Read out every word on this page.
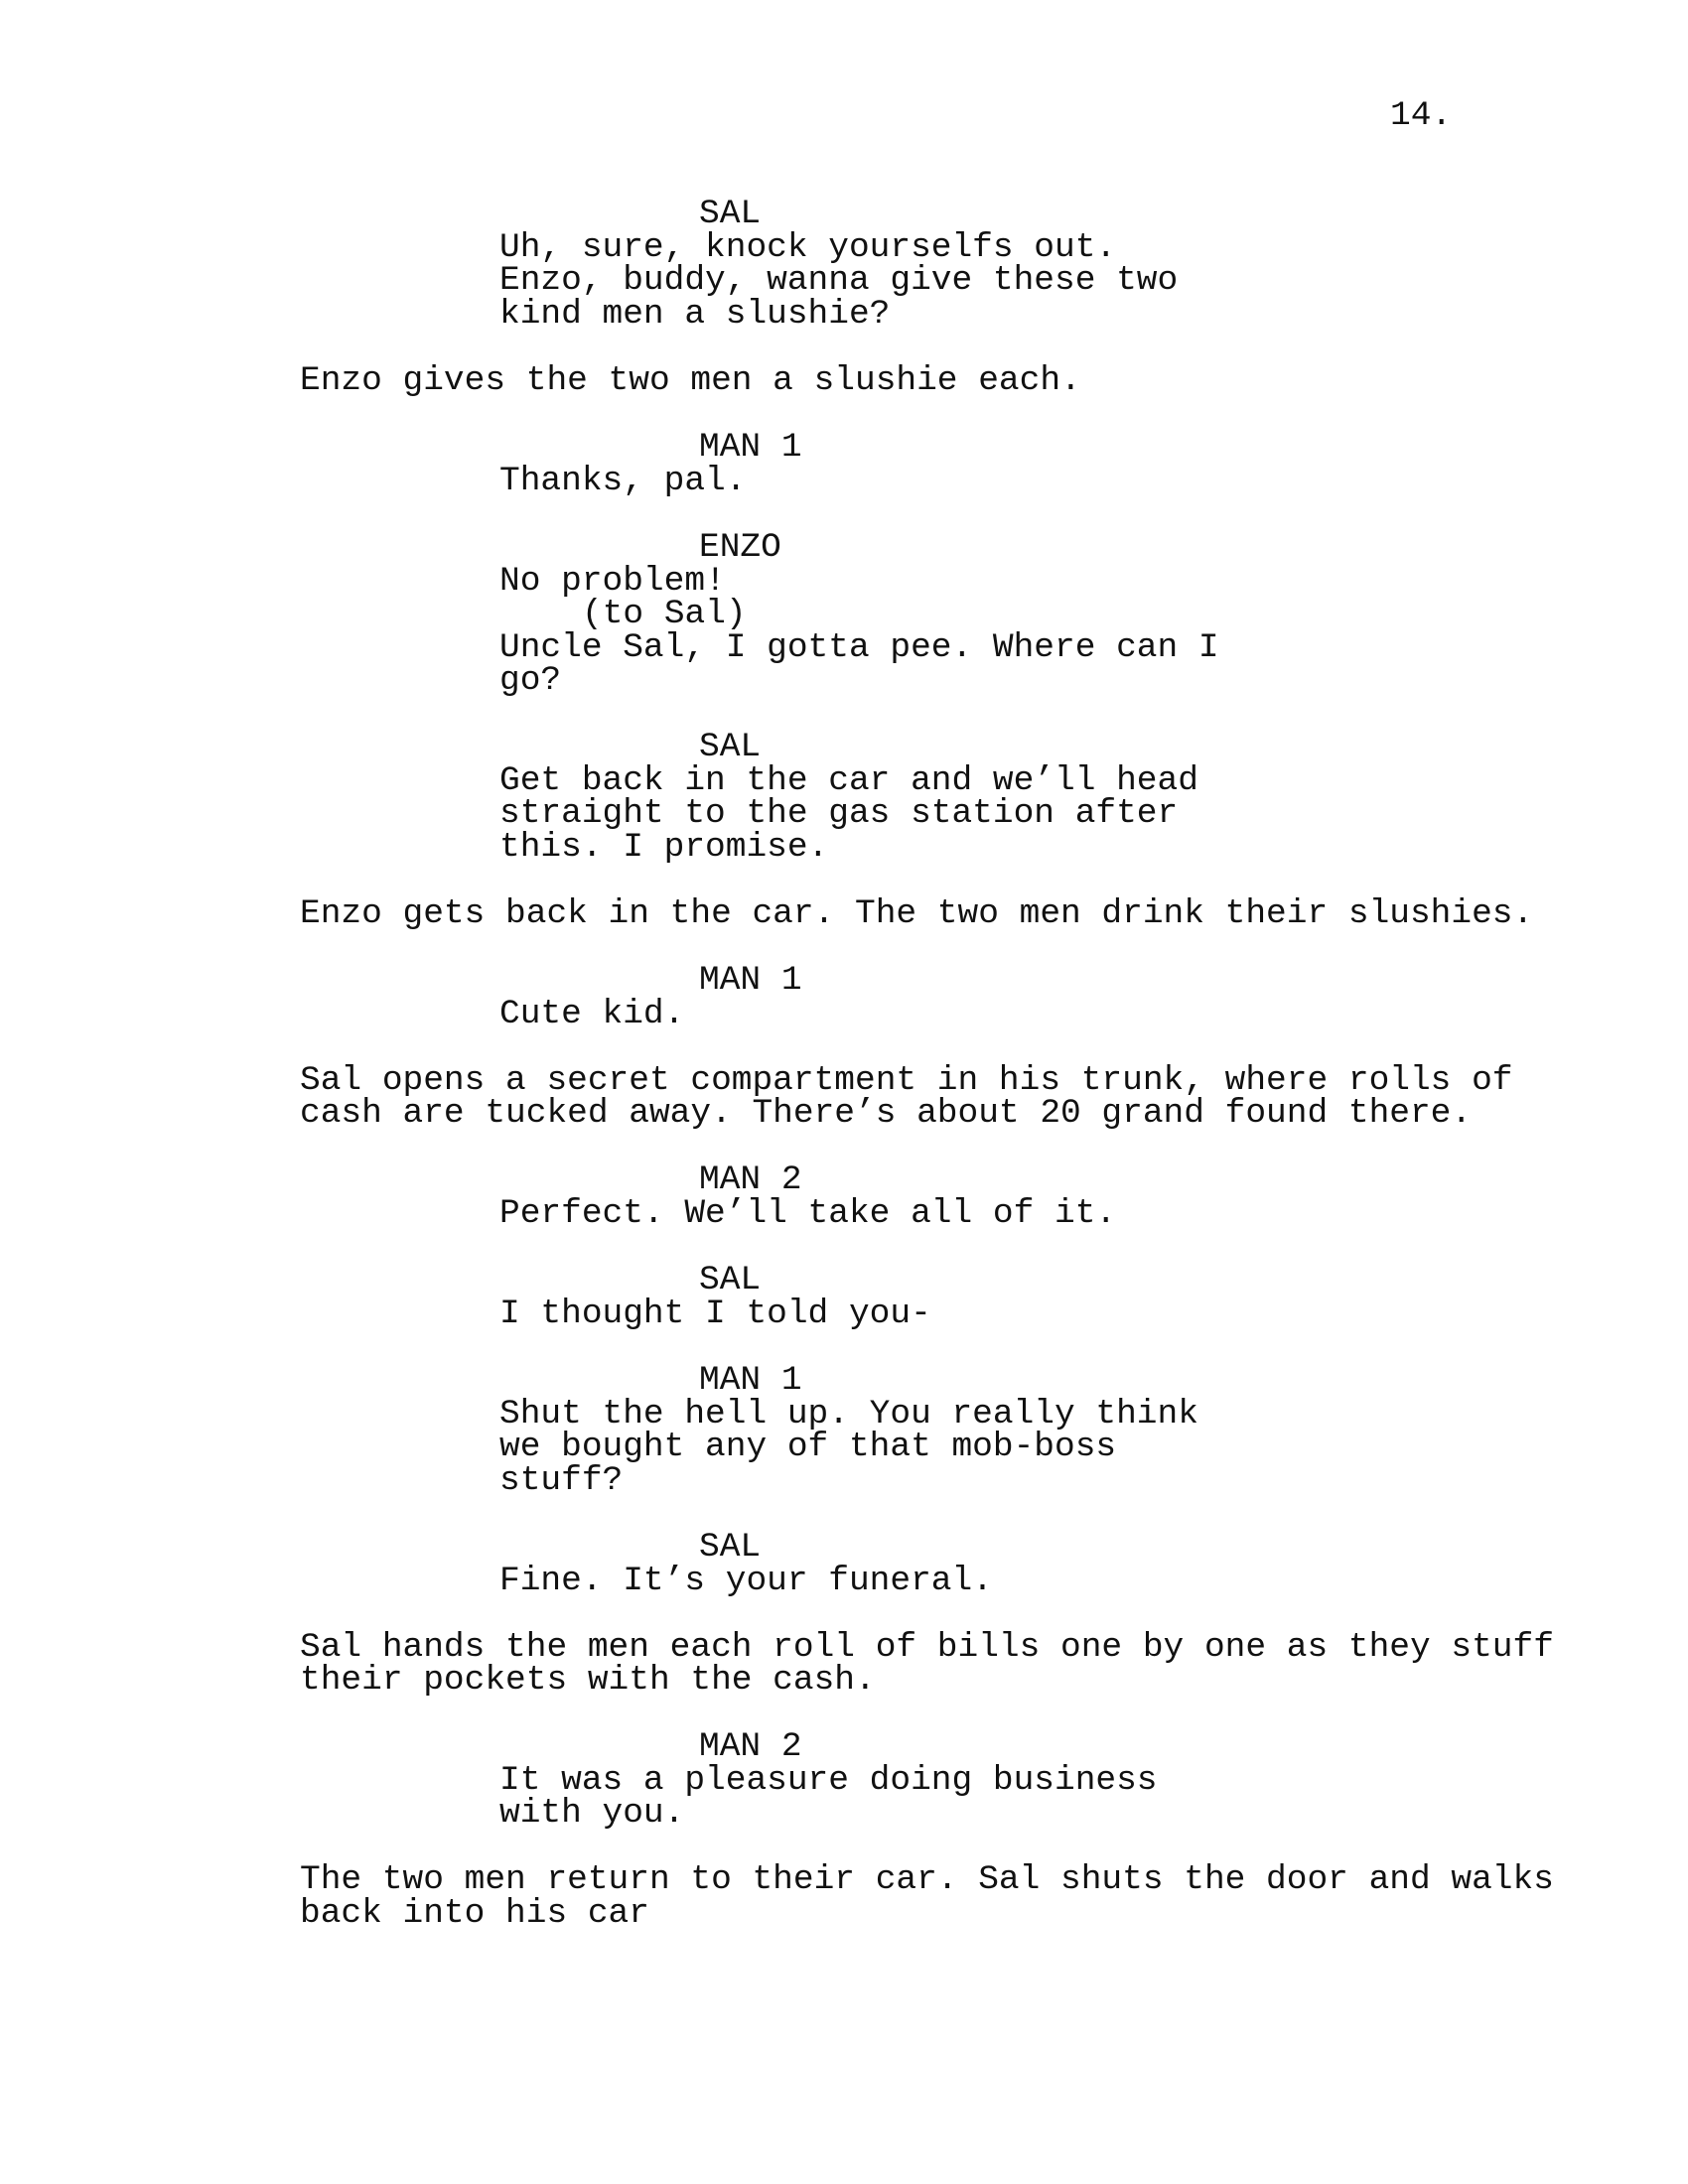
14.

SAL

Uh, sure, knock yourselfs out.

Enzo, buddy, wanna give these two

kind men a slushie?

Enzo gives the two men a slushie each.

MAN 1

Thanks, pal.

ENZO

No problem!

(to Sal)

Uncle Sal, I gotta pee. Where can I

go?

SAL

Get back in the car and we’ll head

straight to the gas station after

this. I promise.

Enzo gets back in the car. The two men drink their slushies.

MAN 1

Cute kid.

Sal opens a secret compartment in his trunk, where rolls of

cash are tucked away. There’s about 20 grand found there.

MAN 2

Perfect. We’ll take all of it.

SAL

I thought I told you-

MAN 1

Shut the hell up. You really think

we bought any of that mob-boss

stuff?

SAL

Fine. It’s your funeral.

Sal hands the men each roll of bills one by one as they stuff

their pockets with the cash.

MAN 2

It was a pleasure doing business

with you.

The two men return to their car. Sal shuts the door and walks

back into his car
